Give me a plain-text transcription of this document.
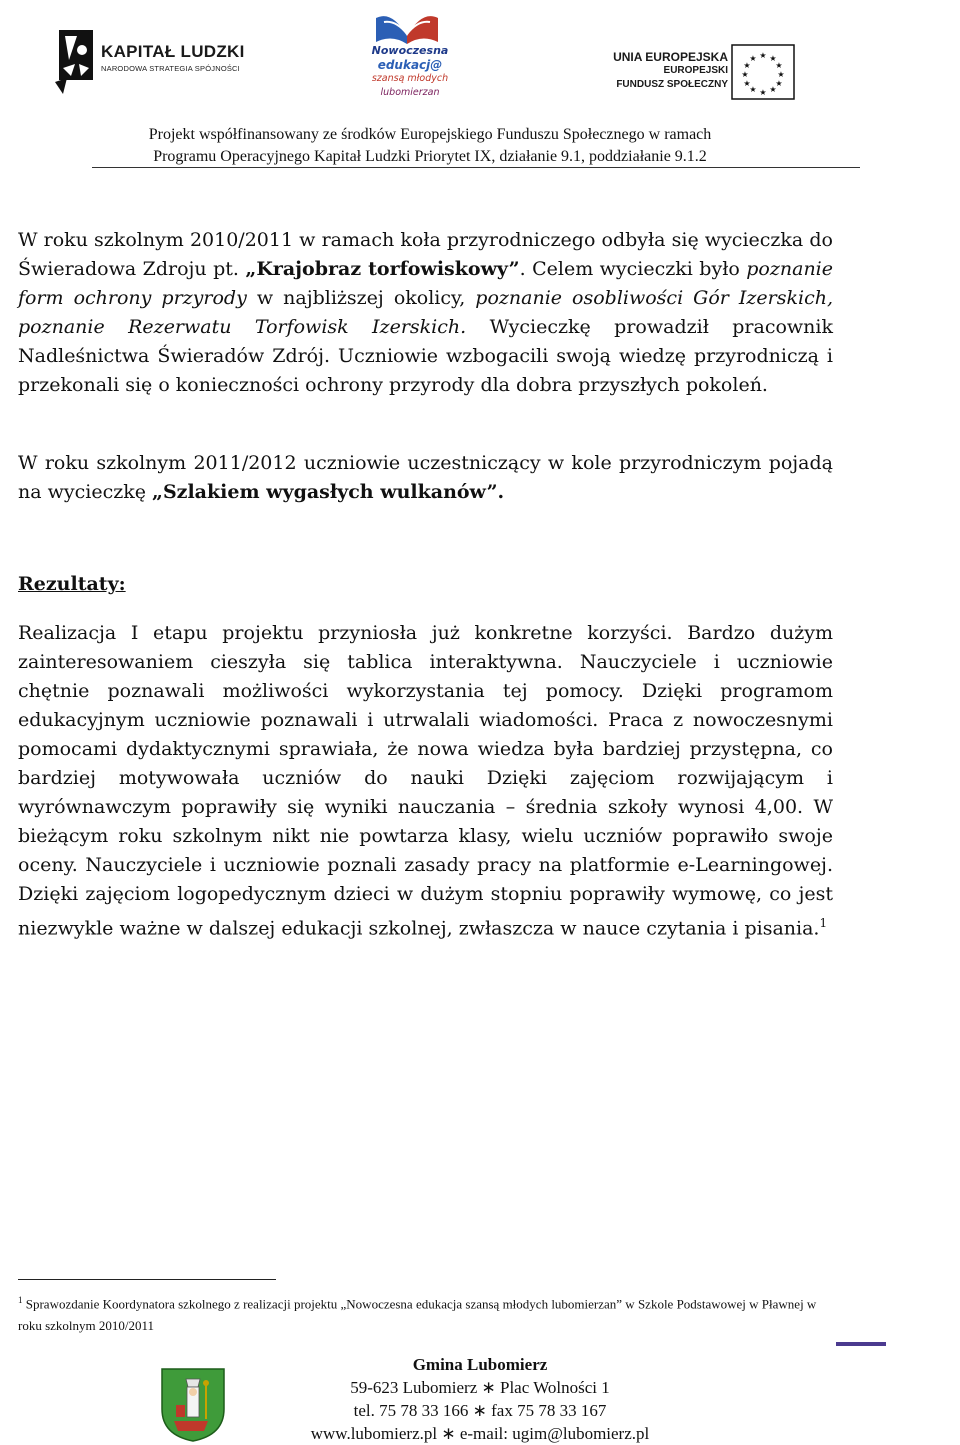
KAPITAŁ LUDZKI
NARODOWA STRATEGIA SPÓJNOŚCI
Nowoczesna
edukacj@
szansą młodych
lubomierzan
UNIA EUROPEJSKA
EUROPEJSKI
FUNDUSZ SPOŁECZNY
★ ★
★
★
★
★
★
★
★
★
★
★
Projekt współfinansowany ze środków Europejskiego Funduszu Społecznego w ramach
Programu Operacyjnego Kapitał Ludzki Priorytet IX, działanie 9.1, poddziałanie 9.1.2
W roku szkolnym 2010/2011 w ramach koła przyrodniczego odbyła się wycieczka do Świeradowa Zdroju pt. „Krajobraz torfowiskowy”. Celem wycieczki było poznanie form ochrony przyrody w najbliższej okolicy, poznanie osobliwości Gór Izerskich, poznanie Rezerwatu Torfowisk Izerskich. Wycieczkę prowadził pracownik Nadleśnictwa Świeradów Zdrój. Uczniowie wzbogacili swoją wiedzę przyrodniczą i przekonali się o konieczności ochrony przyrody dla dobra przyszłych pokoleń.
W roku szkolnym 2011/2012 uczniowie uczestniczący w kole przyrodniczym pojadą na wycieczkę „Szlakiem wygasłych wulkanów”.
Rezultaty:
Realizacja I etapu projektu przyniosła już konkretne korzyści. Bardzo dużym zainteresowaniem cieszyła się tablica interaktywna. Nauczyciele i uczniowie chętnie poznawali możliwości wykorzystania tej pomocy. Dzięki programom edukacyjnym uczniowie poznawali i utrwalali wiadomości. Praca z nowoczesnymi pomocami dydaktycznymi sprawiała, że nowa wiedza była bardziej przystępna, co bardziej motywowała uczniów do nauki Dzięki zajęciom rozwijającym i wyrównawczym poprawiły się wyniki nauczania – średnia szkoły wynosi 4,00. W bieżącym roku szkolnym nikt nie powtarza klasy, wielu uczniów poprawiło swoje oceny. Nauczyciele i uczniowie poznali zasady pracy na platformie e-Learningowej. Dzięki zajęciom logopedycznym dzieci w dużym stopniu poprawiły wymowę, co jest niezwykle ważne w dalszej edukacji szkolnej, zwłaszcza w nauce czytania i pisania.$^1$
$^1$ Sprawozdanie Koordynatora szkolnego z realizacji projektu „Nowoczesna edukacja szansą młodych lubomierzan” w Szkole Podstawowej w Pławnej w roku szkolnym 2010/2011
Gmina Lubomierz
59-623 Lubomierz ∗ Plac Wolności 1
tel. 75 78 33 166 ∗ fax 75 78 33 167
www.lubomierz.pl ∗ e-mail: ugim@lubomierz.pl
